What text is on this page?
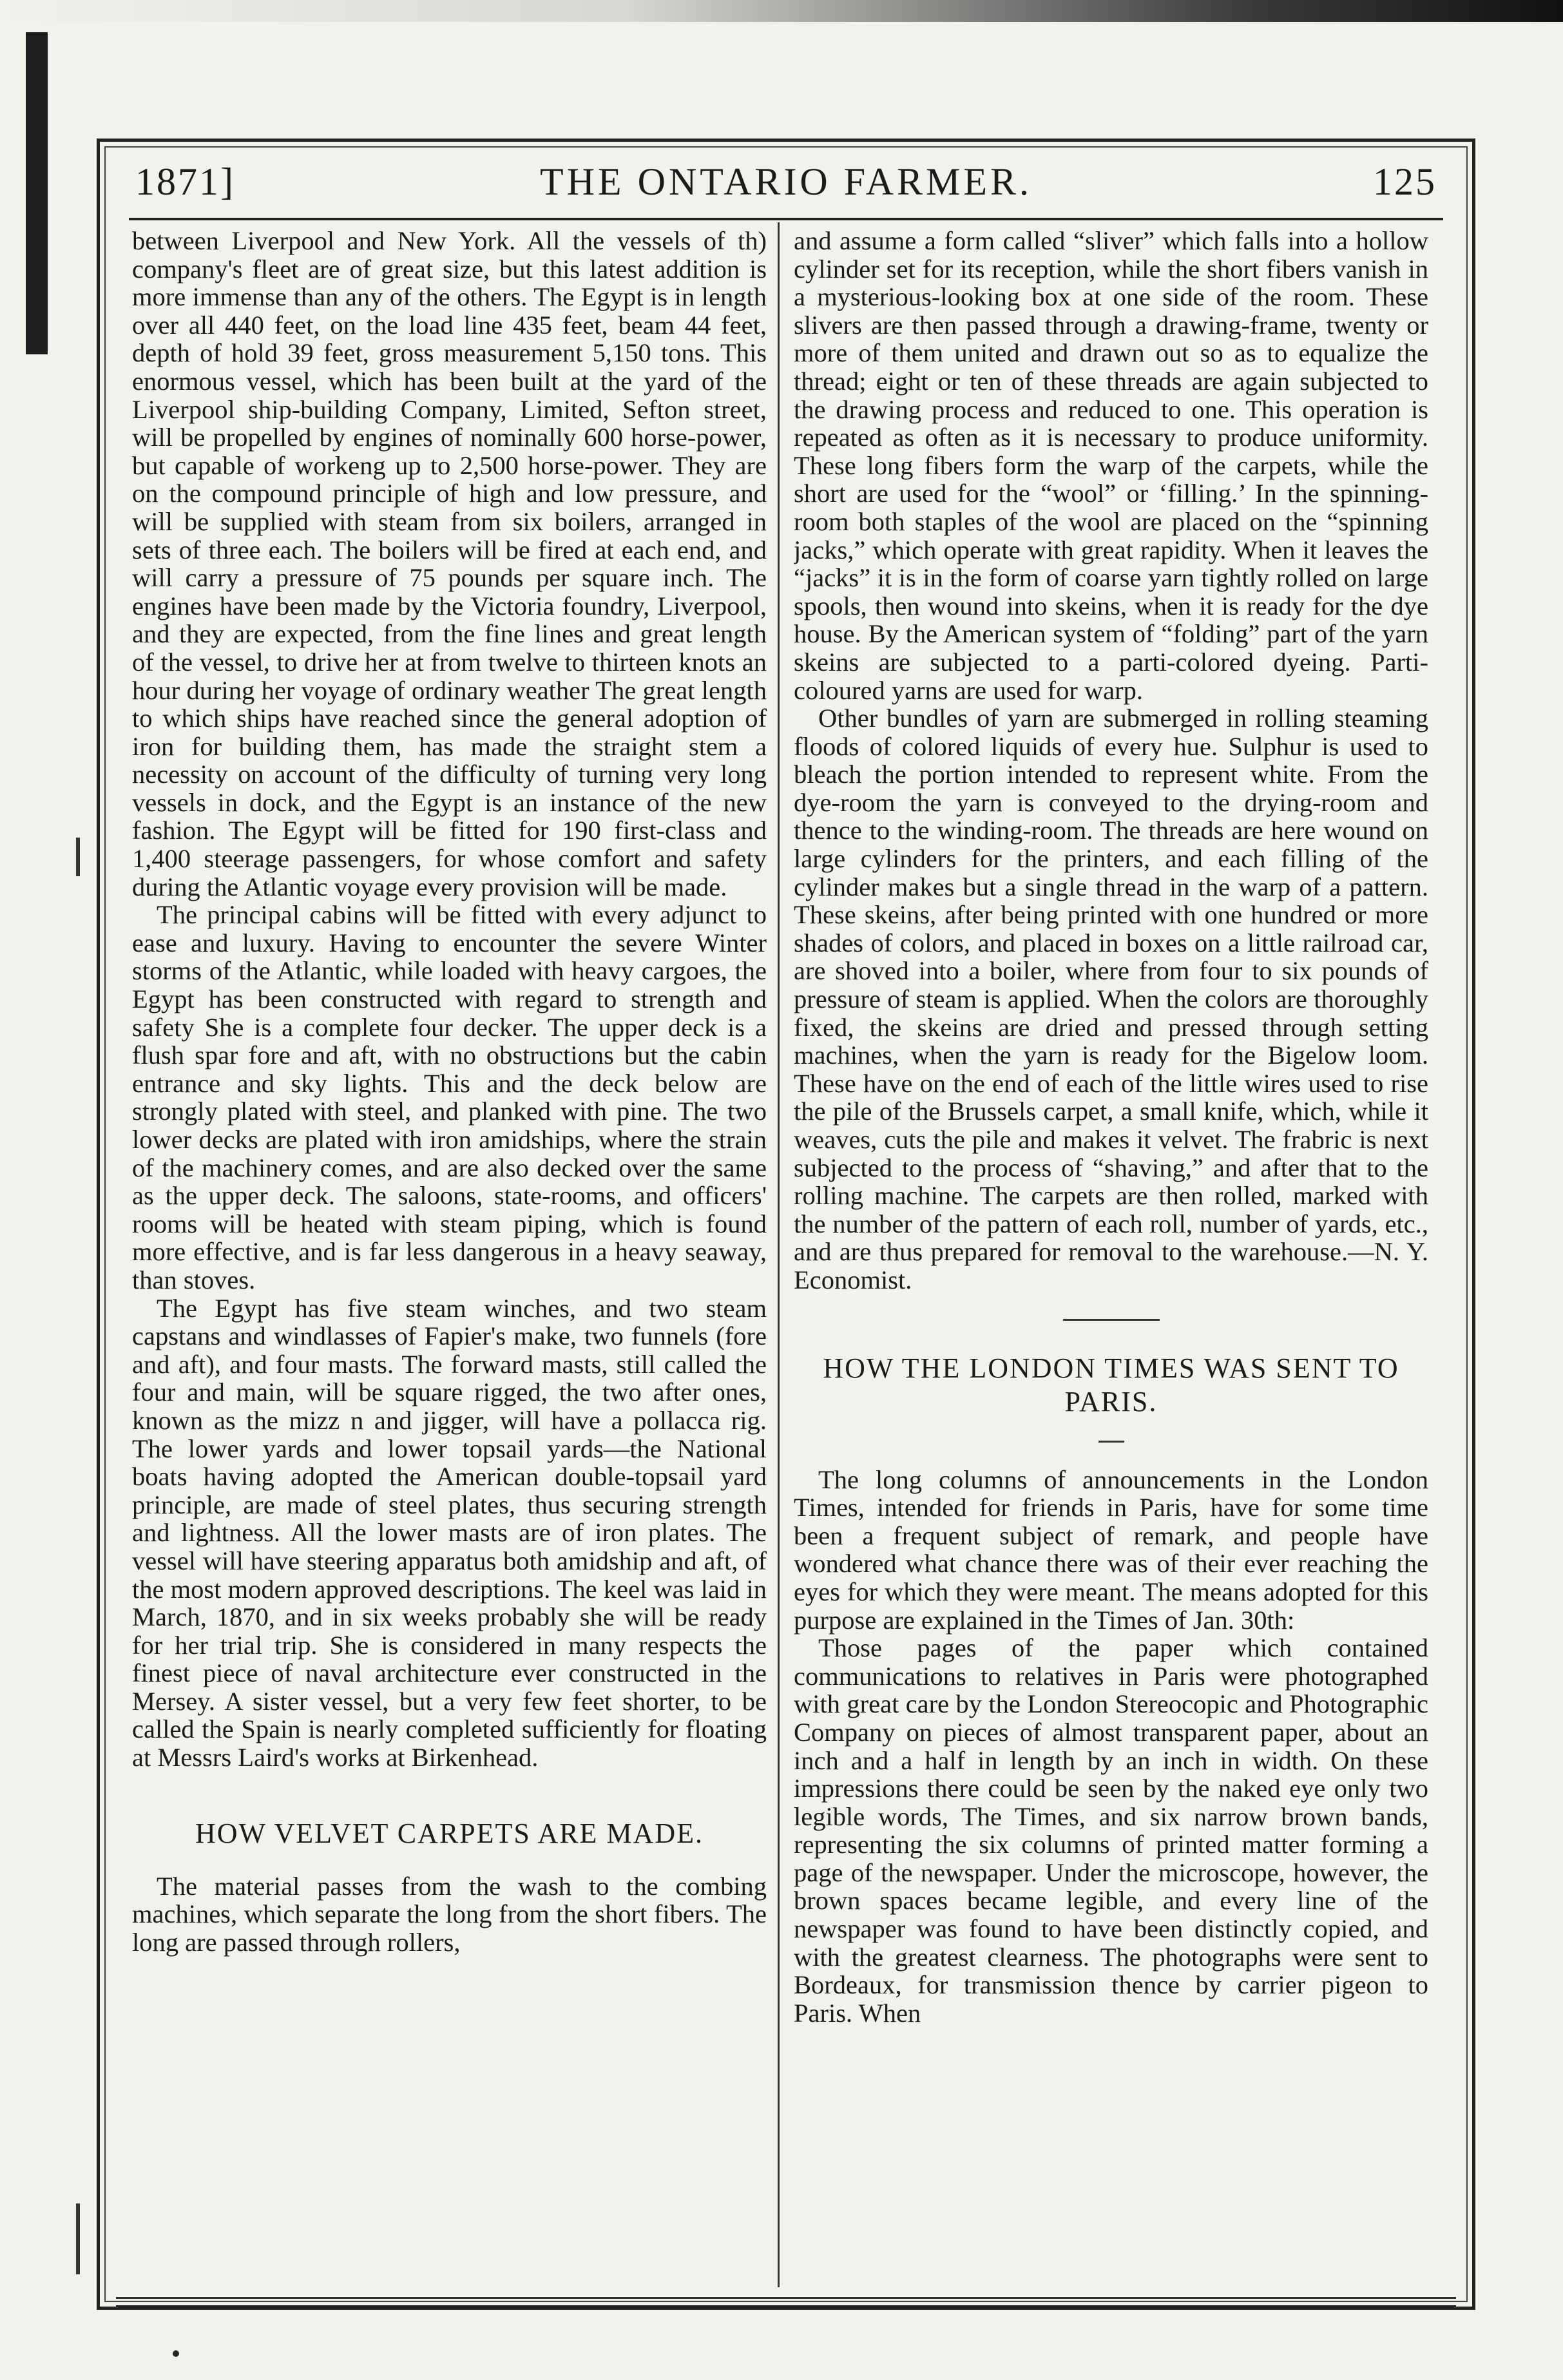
THE ONTARIO FARMER.
1871]	125

between Liverpool and New York. All the vessels of th) company's fleet are of great size, but this latest addition is more immense than any of the others. The Egypt is in length over all 440 feet, on the load line 435 feet, beam 44 feet, depth of hold 39 feet, gross measurement 5,150 tons. This enormous vessel, which has been built at the yard of the Liverpool ship-building Company, Limited, Sefton street, will be propelled by engines of nominally 600 horse-power, but capable of workeng up to 2,500 horse-power. They are on the compound principle of high and low pressure, and will be supplied with steam from six boilers, arranged in sets of three each. The boilers will be fired at each end, and will carry a pressure of 75 pounds per square inch. The engines have been made by the Victoria foundry, Liverpool, and they are expected, from the fine lines and great length of the vessel, to drive her at from twelve to thirteen knots an hour during her voyage of ordinary weather The great length to which ships have reached since the general adoption of iron for building them, has made the straight stem a necessity on account of the difficulty of turning very long vessels in dock, and the Egypt is an instance of the new fashion. The Egypt will be fitted for 190 first-class and 1,400 steerage passengers, for whose comfort and safety during the Atlantic voyage every provision will be made.

The principal cabins will be fitted with every adjunct to ease and luxury. Having to encounter the severe Winter storms of the Atlantic, while loaded with heavy cargoes, the Egypt has been constructed with regard to strength and safety She is a complete four decker. The upper deck is a flush spar fore and aft, with no obstructions but the cabin entrance and sky lights. This and the deck below are strongly plated with steel, and planked with pine. The two lower decks are plated with iron amidships, where the strain of the machinery comes, and are also decked over the same as the upper deck. The saloons, state-rooms, and officers' rooms will be heated with steam piping, which is found more effective, and is far less dangerous in a heavy seaway, than stoves.

The Egypt has five steam winches, and two steam capstans and windlasses of Fapier's make, two funnels (fore and aft), and four masts. The forward masts, still called the four and main, will be square rigged, the two after ones, known as the mizz n and jigger, will have a pollacca rig. The lower yards and lower topsail yards—the National boats having adopted the American double-topsail yard principle, are made of steel plates, thus securing strength and lightness. All the lower masts are of iron plates. The vessel will have steering apparatus both amidship and aft, of the most modern approved descriptions. The keel was laid in March, 1870, and in six weeks probably she will be ready for her trial trip. She is considered in many respects the finest piece of naval architecture ever constructed in the Mersey. A sister vessel, but a very few feet shorter, to be called the Spain is nearly completed sufficiently for floating at Messrs Laird's works at Birkenhead.

HOW VELVET CARPETS ARE MADE.

The material passes from the wash to the combing machines, which separate the long from the short fibers. The long are passed through rollers,

and assume a form called “sliver” which falls into a hollow cylinder set for its reception, while the short fibers vanish in a mysterious-looking box at one side of the room. These slivers are then passed through a drawing-frame, twenty or more of them united and drawn out so as to equalize the thread; eight or ten of these threads are again subjected to the drawing process and reduced to one. This operation is repeated as often as it is necessary to produce uniformity. These long fibers form the warp of the carpets, while the short are used for the “wool” or ‘filling.’ In the spinning-room both staples of the wool are placed on the “spinning jacks,” which operate with great rapidity. When it leaves the “jacks” it is in the form of coarse yarn tightly rolled on large spools, then wound into skeins, when it is ready for the dye house. By the American system of “folding” part of the yarn skeins are subjected to a parti-colored dyeing. Parti-coloured yarns are used for warp.

Other bundles of yarn are submerged in rolling steaming floods of colored liquids of every hue. Sulphur is used to bleach the portion intended to represent white. From the dye-room the yarn is conveyed to the drying-room and thence to the winding-room. The threads are here wound on large cylinders for the printers, and each filling of the cylinder makes but a single thread in the warp of a pattern. These skeins, after being printed with one hundred or more shades of colors, and placed in boxes on a little railroad car, are shoved into a boiler, where from four to six pounds of pressure of steam is applied. When the colors are thoroughly fixed, the skeins are dried and pressed through setting machines, when the yarn is ready for the Bigelow loom. These have on the end of each of the little wires used to rise the pile of the Brussels carpet, a small knife, which, while it weaves, cuts the pile and makes it velvet. The frabric is next subjected to the process of “shaving,” and after that to the rolling machine. The carpets are then rolled, marked with the number of the pattern of each roll, number of yards, etc., and are thus prepared for removal to the warehouse.—N. Y. Economist.

HOW THE LONDON TIMES WAS SENT TO PARIS.

The long columns of announcements in the London Times, intended for friends in Paris, have for some time been a frequent subject of remark, and people have wondered what chance there was of their ever reaching the eyes for which they were meant. The means adopted for this purpose are explained in the Times of Jan. 30th:

Those pages of the paper which contained communications to relatives in Paris were photographed with great care by the London Stereocopic and Photographic Company on pieces of almost transparent paper, about an inch and a half in length by an inch in width. On these impressions there could be seen by the naked eye only two legible words, The Times, and six narrow brown bands, representing the six columns of printed matter forming a page of the newspaper. Under the microscope, however, the brown spaces became legible, and every line of the newspaper was found to have been distinctly copied, and with the greatest clearness. The photographs were sent to Bordeaux, for transmission thence by carrier pigeon to Paris. When
